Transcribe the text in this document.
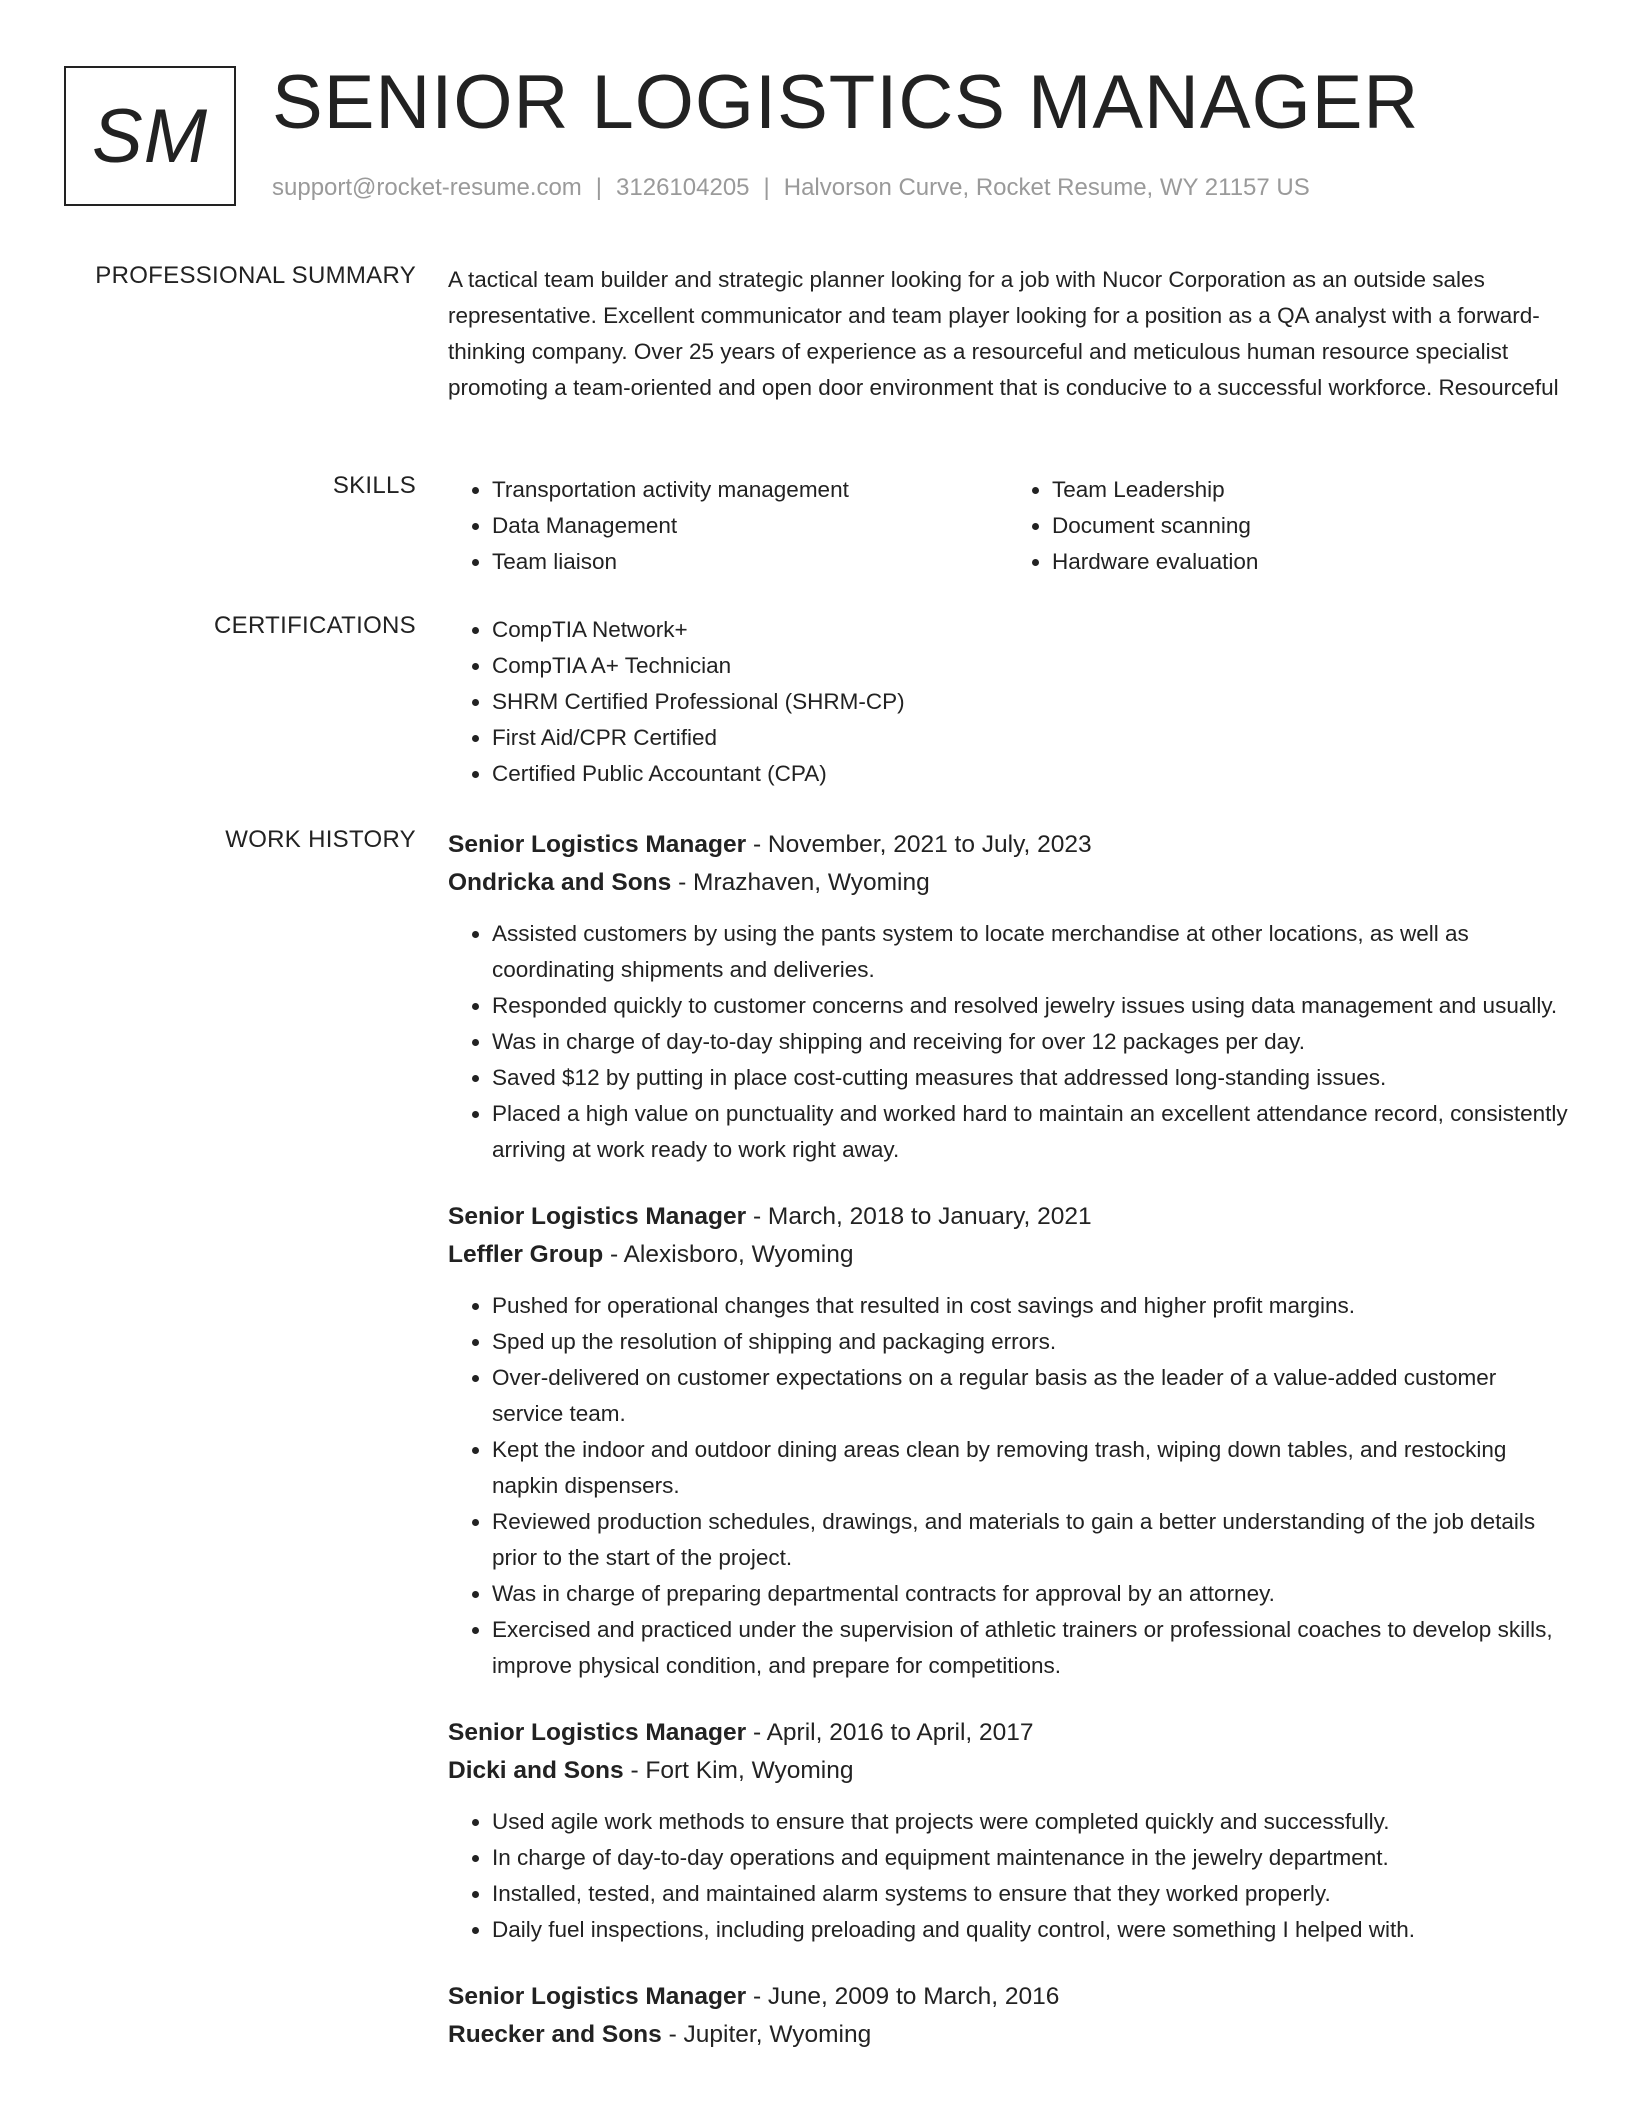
SM SENIOR LOGISTICS MANAGER
support@rocket-resume.com | 3126104205 | Halvorson Curve, Rocket Resume, WY 21157 US
PROFESSIONAL SUMMARY A tactical team builder and strategic planner looking for a job with Nucor Corporation as an outside sales representative. Excellent communicator and team player looking for a position as a QA analyst with a forward-thinking company. Over 25 years of experience as a resourceful and meticulous human resource specialist promoting a team-oriented and open door environment that is conducive to a successful workforce. Resourceful

SKILLS	• Transportation activity management
• Data Management
• Team liaison
• Team Leadership
• Document scanning
• Hardware evaluation
CERTIFICATIONS	• CompTIA Network+
• CompTIA A+ Technician
• SHRM Certified Professional (SHRM-CP)
• First Aid/CPR Certified
• Certified Public Accountant (CPA)
WORK HISTORY Senior Logistics Manager - November, 2021 to July, 2023
Ondricka and Sons - Mrazhaven, Wyoming
• Assisted customers by using the pants system to locate merchandise at other locations, as well as coordinating shipments and deliveries.
• Responded quickly to customer concerns and resolved jewelry issues using data management and usually.
• Was in charge of day-to-day shipping and receiving for over 12 packages per day.
• Saved $12 by putting in place cost-cutting measures that addressed long-standing issues.
• Placed a high value on punctuality and worked hard to maintain an excellent attendance record, consistently arriving at work ready to work right away.
Senior Logistics Manager - March, 2018 to January, 2021
Leffler Group - Alexisboro, Wyoming
• Pushed for operational changes that resulted in cost savings and higher profit margins.
• Sped up the resolution of shipping and packaging errors.
• Over-delivered on customer expectations on a regular basis as the leader of a value-added customer service team.
• Kept the indoor and outdoor dining areas clean by removing trash, wiping down tables, and restocking napkin dispensers.
• Reviewed production schedules, drawings, and materials to gain a better understanding of the job details prior to the start of the project.
• Was in charge of preparing departmental contracts for approval by an attorney.
• Exercised and practiced under the supervision of athletic trainers or professional coaches to develop skills, improve physical condition, and prepare for competitions.
Senior Logistics Manager - April, 2016 to April, 2017
Dicki and Sons - Fort Kim, Wyoming
• Used agile work methods to ensure that projects were completed quickly and successfully.
• In charge of day-to-day operations and equipment maintenance in the jewelry department.
• Installed, tested, and maintained alarm systems to ensure that they worked properly.
• Daily fuel inspections, including preloading and quality control, were something I helped with.
Senior Logistics Manager - June, 2009 to March, 2016
Ruecker and Sons - Jupiter, Wyoming
